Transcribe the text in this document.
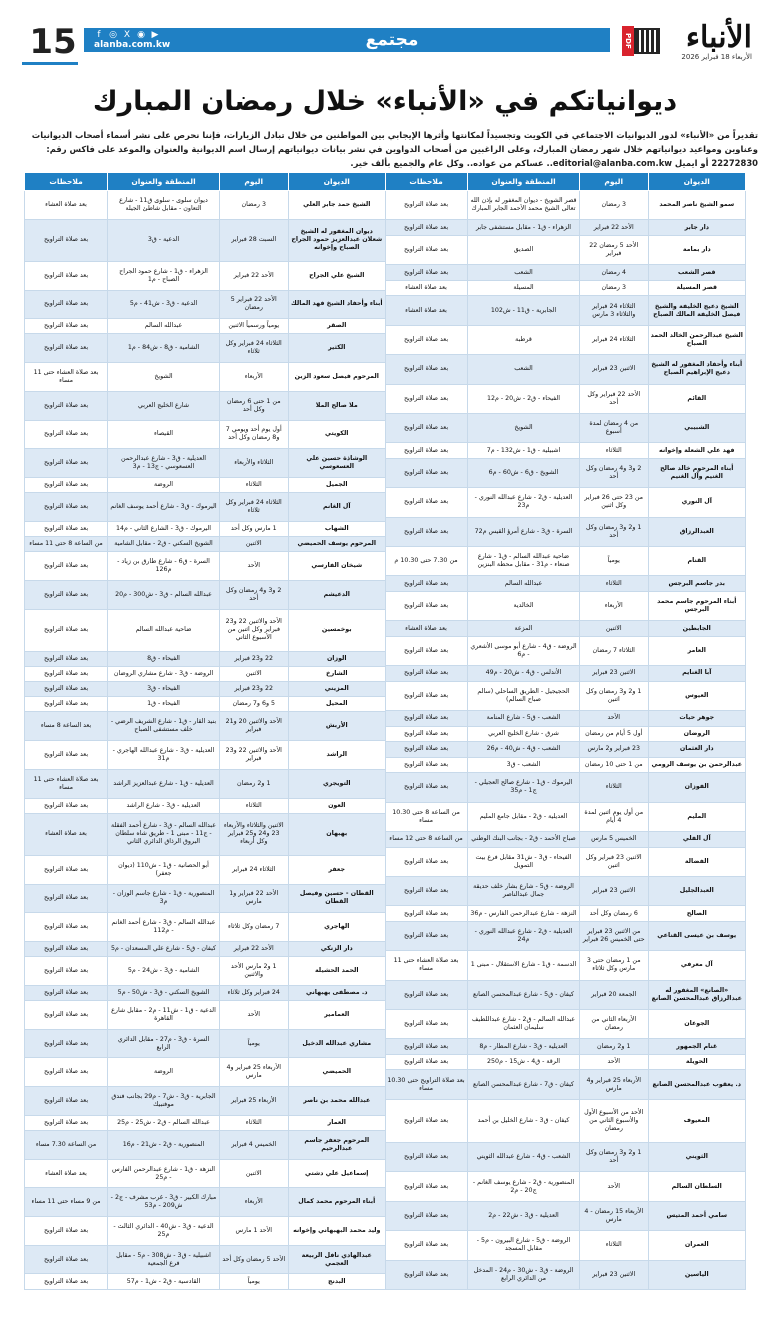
15	f ◎ X ◉ ▶
alanba.com.kw	مجتمع	PDF الأنباء
الأربعاء 18 فبراير 2026
ديوانياتكم في «الأنباء» خلال رمضان المبارك
تقديراً من «الأنباء» لدور الديوانيات الاجتماعي في الكويت وتجسيداً لمكانتها وأثرها الإيجابي بين المواطنين من خلال تبادل الزيارات، فإننا نحرص على نشر أسماء أصحاب الديوانيات وعناوين ومواعيد ديوانياتهم خلال شهر رمضان المبارك، وعلى الراغبين من أصحاب الدواوين في نشر بيانات ديوانياتهم إرسال اسم الديوانية والعنوان والموعد على فاكس رقم: 22272830 أو ايميل editorial@alanba.com.kw.. عساكم من عواده.. وكل عام والجميع بألف خير.
الديوان	اليوم	المنطقة والعنوان	ملاحظات
سمو الشيخ ناصر المحمد	3 رمضان	قصر الشويخ - ديوان المغفور له بإذن الله تعالى الشيخ محمد الأحمد الجابر المبارك	بعد صلاة التراويح
دار جابر	الأحد 22 فبراير	الزهراء - ق1 - مقابل مستشفى جابر	بعد صلاة التراويح
دار بمامة	الأحد 5 رمضان 22 فبراير	الصديق	بعد صلاة التراويح
قصر الشعب	4 رمضان	الشعب	بعد صلاة التراويح
قصر المسيلة	3 رمضان	المسيلة	بعد صلاة العشاء
الشيخ دعيج الخليفة والشيخ فيصل الخليفة المالك الصباح	الثلاثاء 24 فبراير والثلاثاء 3 مارس	الجابرية - ق11 - ش102	بعد صلاة العشاء
الشيخ عبدالرحمن الخالد الحمد الصباح	الثلاثاء 24 فبراير	قرطبة	بعد صلاة التراويح
أبناء وأحفاد المغفور له الشيخ دعيج الإبراهيم الصباح	الاثنين 23 فبراير	الشعب	بعد صلاة التراويح
القائم	الأحد 22 فبراير وكل أحد	الفيحاء - ق2 - ش20 - م12	بعد صلاة التراويح
الشبيبي	من 4 رمضان لمدة أسبوع	الشويخ	بعد صلاة التراويح
فهد علي الشعلة وإخوانه	الثلاثاء	اشبيلية - ق1 - ش132 - م7	بعد صلاة التراويح
أبناء المرحوم خالد صالح الغنيم وآل الغنيم	2 و3 و4 رمضان وكل أحد	الشويخ - ق6 - ش60 - م6	بعد صلاة التراويح
آل النوري	من 23 حتى 26 فبراير وكل اثنين	العديلية - ق2 - شارع عبدالله النوري - م23	بعد صلاة التراويح
العبدالرزاق	1 و2 و3 رمضان وكل أحد	السرة - ق3 - شارع أمرؤ القيس م72	بعد صلاة التراويح
القنام	يومياً	ضاحية عبدالله السالم - ق1 - شارع صنعاء - م31 - مقابل محطة البنزين	من 7.30 حتى 10.30 م
بدر جاسم البرجس	الثلاثاء	عبدالله السالم	بعد صلاة التراويح
أبناء المرحوم جاسم محمد البرجس	الأربعاء	الخالدية	بعد صلاة التراويح
الجابطين	الاثنين	المزعة	بعد صلاة العشاء
العامر	الثلاثاء 7 رمضان	الروضة - ق4 - شارع أبو موسى الأشعري - م6	بعد صلاة التراويح
آبا الغنايم	الاثنين 23 فبراير	الأندلس - ق4 - ش20 - م49	بعد صلاة التراويح
العيوس	1 و2 و3 رمضان وكل اثنين	الحجيجيل - الطريق الساحلي (سالم صباح السالم)	بعد صلاة التراويح
جوهر حيات	الأحد	الشعب - ق5 - شارع المنامة	بعد صلاة التراويح
الروضان	أول 5 أيام من رمضان	شرق - شارع الخليج العربي	بعد صلاة التراويح
دار العثمان	23 فبراير و2 مارس	الشعب - ق4 - ش40 - م26	بعد صلاة التراويح
عبدالرحمن بن يوسف الرومي	من 1 حتى 10 رمضان	الشعب - ق3	بعد صلاة التراويح
الفوزان	الثلاثاء	اليرموك - ق1 - شارع صالح العجيلي - ج1 - م35	بعد صلاة التراويح
المليم	من أول يوم اثنين لمدة 4 أيام	العديلية - ق2 - مقابل جامع المليم	من الساعة 8 حتى 10.30 مساء
آل الفلي	الخميس 5 مارس	صباح الأحمد - ق2 - بجانب البنك الوطني	من الساعة 8 حتى 12 مساء
الفضالة	الاثنين 23 فبراير وكل اثنين	الفيحاء - ق3 - ش31 مقابل فرع بيت التمويل	بعد صلاة التراويح
العبدالجليل	الاثنين 23 فبراير	الروضة - ق5 - شارع بشار خلف حديقة جمال عبدالناصر	بعد صلاة التراويح
الصالح	6 رمضان وكل أحد	النزهة - شارع عبدالرحمن الفارس - م36	بعد صلاة التراويح
يوسف بن عيسى القناعي	من الاثنين 23 فبراير حتى الخميس 26 فبراير	العديلية - ق2 - شارع عبدالله النوري - م24	بعد صلاة التراويح
آل معرفي	من 1 رمضان حتى 3 مارس وكل ثلاثاء	الدسمة - ق1 - شارع الاستقلال - مبنى 1	بعد صلاة العشاء حتى 11 مساء
«الصانع» المغفور له عبدالرزاق عبدالمحسن الصانع	الجمعة 20 فبراير	كيفان - ق5 - شارع عبدالمحسن الصانع	بعد صلاة التراويح
الجوعان	الأربعاء الثاني من رمضان	عبدالله السالم - ق2 - شارع عبداللطيف سليمان العثمان	بعد صلاة التراويح
غنام الجمهور	1 و2 رمضان	العديلية - ق3 - شارع المطار - م8	بعد صلاة التراويح
الحويلة	الأحد	الرقة - ق4 - ش15 - م250	بعد صلاة التراويح
د. يعقوب عبدالمحسن الصانع	الأربعاء 25 فبراير و4 مارس	كيفان - ق7 - شارع عبدالمحسن الصانع	بعد صلاة التراويح حتى 10.30 مساء
المعيوف	الأحد من الأسبوع الأول والأسبوع الثاني من رمضان	كيفان - ق3 - شارع الخليل بن أحمد	بعد صلاة التراويح
الثويني	1 و2 و3 رمضان وكل أحد	الشعب - ق4 - شارع عبدالله الثويني	بعد صلاة التراويح
السلطان السالم	الأحد	المنصورية - ق2 - شارع يوسف الغانم - ج20 - م2	بعد صلاة التراويح
سامي أحمد المتيس	الأربعاء 15 رمضان - 4 مارس	العديلية - ق3 - ش22 - م2	بعد صلاة التراويح
العمران	الثلاثاء	الروضة - ق5 - شارع البيرون - م5 - مقابل المسجد	بعد صلاة التراويح
الياسين	الاثنين 23 فبراير	الروضة - ق3 - ش30 - م24 - المدخل من الدائري الرابع	بعد صلاة التراويح
الديوان	اليوم	المنطقة والعنوان	ملاحظات
الشيخ حمد جابر العلي	3 رمضان	ديوان سلوى - سلوى ق11 - شارع التعاون - مقابل شاطئ الجيلة	بعد صلاة العشاء
ديوان المغفور له الشيخ شعلان عبدالعزيز حمود الجراح الصباح وإخوانه	السبت 28 فبراير	الدعية - ق3	بعد صلاة التراويح
الشيخ علي الجراح	الأحد 22 فبراير	الزهراء - ق1 - شارع حمود الجراح الصباح - م1	بعد صلاة التراويح
أبناء وأحفاد الشيخ فهد المالك	الأحد 22 فبراير 5 رمضان	الدعية - ق3 - ش41 - م5	بعد صلاة التراويح
الصقر	يومياً ورسمياً الاثنين	عبدالله السالم	بعد صلاة التراويح
الكثير	الثلاثاء 24 فبراير وكل ثلاثاء	الشامية - ق8 - ش84 - م1	بعد صلاة التراويح
المرحوم فيصل سعود الزبن	الأربعاء	الشويخ	بعد صلاة العشاء حتى 11 مساء
ملا صالح الملا	من 1 حتى 6 رمضان وكل أحد	شارع الخليج العربي	بعد صلاة التراويح
الكويتي	أول يوم أحد ويومي 7 و8 رمضان وكل أحد	القيصاء	بعد صلاة التراويح
الوشاذة حسين علي العسعوسي	الثلاثاء والأربعاء	العديلية - ق3 - شارع عبدالرحمن العسعوسي - ج13 - م3	بعد صلاة التراويح
الجميل	الثلاثاء	الروضة	بعد صلاة التراويح
آل الغانم	الثلاثاء 24 فبراير وكل ثلاثاء	اليرموك - ق3 - شارع أحمد يوسف الغانم	بعد صلاة التراويح
الشهاب	1 مارس وكل أحد	اليرموك - ق3 - الشارع الثاني - م14	بعد صلاة التراويح
المرحوم يوسف الحميضي	الاثنين	الشويخ السكني - ق2 - مقابل الشامية	من الساعة 8 حتى 11 مساء
شيخان الفارسي	الأحد	السرة - ق6 - شارع طارق بن زياد - م126	بعد صلاة التراويح
الدعيشم	2 و3 و4 رمضان وكل أحد	عبدالله السالم - ق3 - ش300 - م20	بعد صلاة التراويح
بوخمسين	الأحد والاثنين 22 و23 فبراير وكل اثنين من الأسبوع الثاني	ضاحية عبدالله السالم	بعد صلاة التراويح
الوزان	22 و23 فبراير	الفيحاء - ق8	بعد صلاة التراويح
الشارخ	الاثنين	الروضة - ق3 - شارع مشاري الروضان	بعد صلاة التراويح
المزيني	22 و23 فبراير	الفيحاء - ق3	بعد صلاة التراويح
المحيل	5 و6 و7 رمضان	الفيحاء - ق1	بعد صلاة التراويح
الأربش	الأحد والاثنين 20 و21 فبراير	بنيد القار - ق1 - شارع الشريف الرضي - خلف مستشفى الصباح	بعد الساعة 8 مساء
الراشد	الأحد والاثنين 22 و23 فبراير	العديلية - ق3 - شارع عبدالله الهاجري - م31	بعد صلاة التراويح
التويجري	1 و2 رمضان	العديلية - ق1 - شارع عبدالعزيز الراشد	بعد صلاة العشاء حتى 11 مساء
العون	الثلاثاء	العديلية - ق3 - شارع الراشد	بعد صلاة التراويح
بهبهان	الاثنين والثلاثاء والأربعاء 23 و24 و25 فبراير وكل أربعاء	عبدالله السالم - ق3 - شارع أحمد الفقلة - ج11 - مبنى 1 - طريق شاه سلطان البروق الرذاق الدائري الثاني	بعد صلاة العشاء
جعفر	الثلاثاء 24 فبراير	أبو الحصانية - ق1 - ش110 (ديوان جعفر)	بعد صلاة التراويح
القطان - حسين وفيصل القطان	الأحد 22 فبراير و1 مارس	المنصورية - ق1 - شارع جاسم الوزان - م3	بعد صلاة التراويح
الهاجري	7 رمضان وكل ثلاثاء	عبدالله السالم - ق3 - شارع أحمد الغانم - م112	بعد صلاة التراويح
دار الزنكي	الأحد 22 فبراير	كيفان - ق5 - شارع علي المسعدان - م5	بعد صلاة التراويح
الحمد الحشيلة	1 و2 مارس الأحد والاثنين	الشامية - ق3 - ش24 - م5	بعد صلاة التراويح
د. مصطفى بهبهاني	24 فبراير وكل ثلاثاء	الشويخ السكني - ق3 - ش50 - م5	بعد صلاة التراويح
العمامير	الأحد	الدعية - ق1 - ش11 - م2 - مقابل شارع القاهرة	بعد صلاة التراويح
مشاري عبدالله الدخيل	يومياً	السرة - ق3 - م27 - مقابل الدائري الرابع	بعد صلاة التراويح
الحميضي	الأربعاء 25 فبراير و4 مارس	الروضة	بعد صلاة التراويح
عبدالله محمد بن ناصر	الأربعاء 25 فبراير	الجابرية - ق3 - ش7 - م29 بجانب فندق موفنبيك	بعد صلاة التراويح
العمار	الثلاثاء	عبدالله السالم - ق2 - ش25 - م25	بعد صلاة التراويح
المرحوم جعفر جاسم عبدالرحيم	الخميس 4 فبراير	المنصورية - ق2 - ش21 - م16	من الساعة 7.30 مساء
إسماعيل علي دشتي	الاثنين	النزهة - ق1 - شارع عبدالرحمن الفارس - م25	بعد صلاة العشاء
أبناء المرحوم محمد كمال	الأربعاء	مبارك الكبير - ق3 - غرب مشرف - ج2 - ش209 - م53	من 9 مساء حتى 11 مساء
وليد محمد البهبهاني وإخوانه	الأحد 1 مارس	الدعية - ق3 - ش40 - الدائري الثالث - م25	بعد صلاة التراويح
عبدالهادي نافل الربيعة العجمي	الأحد 5 رمضان وكل أحد	اشبيلية - ق3 - ش308 - م5 - مقابل فرع الجمعية	بعد صلاة التراويح
البدنج	يومياً	القادسية - ق2 - ش1 - م57	بعد صلاة التراويح
